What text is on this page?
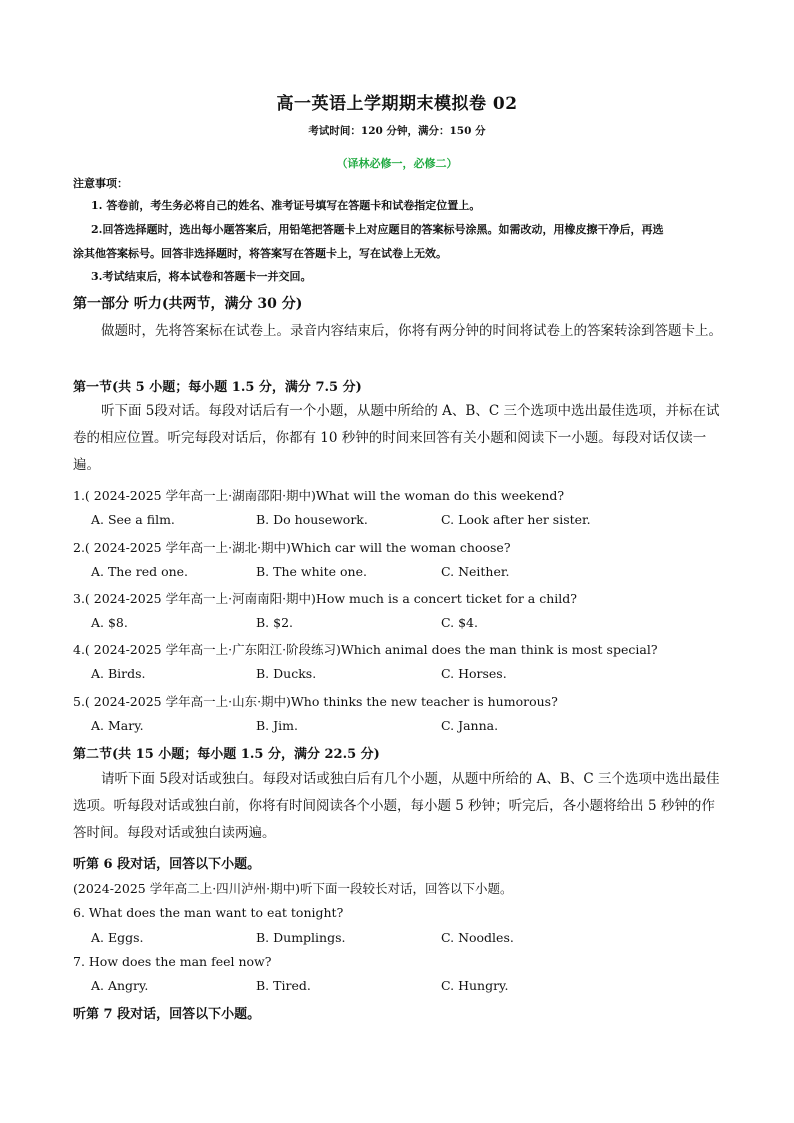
高一英语上学期期末模拟卷 02
考试时间：120 分钟，满分：150 分
（译林必修一，必修二）
注意事项：
1. 答卷前，考生务必将自己的姓名、准考证号填写在答题卡和试卷指定位置上。
2.回答选择题时，选出每小题答案后，用铅笔把答题卡上对应题目的答案标号涂黑。如需改动，用橡皮擦干净后，再选
涂其他答案标号。回答非选择题时，将答案写在答题卡上，写在试卷上无效。
3.考试结束后，将本试卷和答题卡一并交回。
第一部分 听力(共两节，满分 30 分)
做题时，先将答案标在试卷上。录音内容结束后，你将有两分钟的时间将试卷上的答案转涂到答题卡上。
第一节(共 5 小题；每小题 1.5 分，满分 7.5 分)
听下面 5段对话。每段对话后有一个小题，从题中所给的 A、B、C 三个选项中选出最佳选项，并标在试卷的相应位置。听完每段对话后，你都有 10 秒钟的时间来回答有关小题和阅读下一小题。每段对话仅读一遍。
1.( 2024-2025 学年高一上·湖南邵阳·期中)What will the woman do this weekend?
A. See a film.	B. Do housework.	C. Look after her sister.
2.( 2024-2025 学年高一上·湖北·期中)Which car will the woman choose?
A. The red one.	B. The white one.	C. Neither.
3.( 2024-2025 学年高一上·河南南阳·期中)How much is a concert ticket for a child?
A. $8.	B. $2.	C. $4.
4.( 2024-2025 学年高一上·广东阳江·阶段练习)Which animal does the man think is most special?
A. Birds.	B. Ducks.	C. Horses.
5.( 2024-2025 学年高一上·山东·期中)Who thinks the new teacher is humorous?
A. Mary.	B. Jim.	C. Janna.
第二节(共 15 小题；每小题 1.5 分，满分 22.5 分)
请听下面 5段对话或独白。每段对话或独白后有几个小题，从题中所给的 A、B、C 三个选项中选出最佳选项。听每段对话或独白前，你将有时间阅读各个小题，每小题 5 秒钟；听完后，各小题将给出 5 秒钟的作答时间。每段对话或独白读两遍。
听第 6 段对话，回答以下小题。
(2024-2025 学年高二上·四川泸州·期中)听下面一段较长对话，回答以下小题。
6. What does the man want to eat tonight?
A. Eggs.	B. Dumplings.	C. Noodles.
7. How does the man feel now?
A. Angry.	B. Tired.	C. Hungry.
听第 7 段对话，回答以下小题。
